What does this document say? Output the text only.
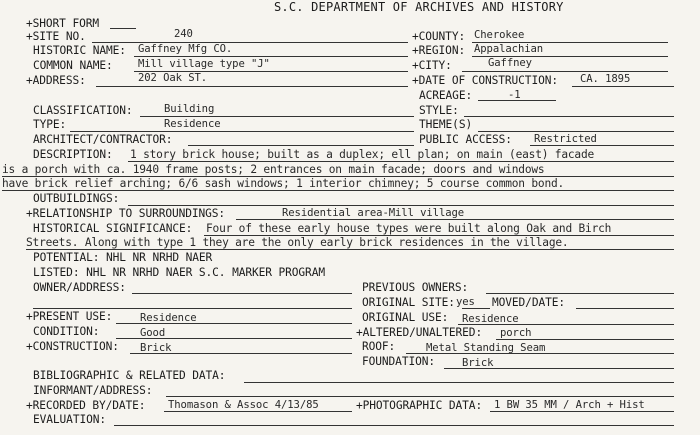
S.C. DEPARTMENT OF ARCHIVES AND HISTORY
+SHORT FORM
+SITE NO.	240	+COUNTY: Cherokee
HISTORIC NAME: Gaffney Mfg CO.	+REGION: Appalachian
COMMON NAME: Mill village type "J"	+CITY:	Gaffney
+ADDRESS:	202 Oak ST.	+DATE OF CONSTRUCTION: CA. 1895
ACREAGE:	-1
CLASSIFICATION:	Building	STYLE:
TYPE:	Residence	THEME(S)
ARCHITECT/CONTRACTOR:	PUBLIC ACCESS: Restricted
DESCRIPTION: 1 story brick house; built as a duplex; ell plan; on main (east) facade
is a porch with ca. 1940 frame posts; 2 entrances on main facade; doors and windows
have brick relief arching; 6/6 sash windows; 1 interior chimney; 5 course common bond.
OUTBUILDINGS:
+RELATIONSHIP TO SURROUNDINGS:	Residential area-Mill village
HISTORICAL SIGNIFICANCE: Four of these early house types were built along Oak and Birch
Streets. Along with type 1 they are the only early brick residences in the village.
POTENTIAL: NHL NR NRHD NAER
LISTED: NHL NR NRHD NAER S.C. MARKER PROGRAM
OWNER/ADDRESS:	PREVIOUS OWNERS:
ORIGINAL SITE: yes MOVED/DATE:
+PRESENT USE:	Residence	ORIGINAL USE: Residence
CONDITION:	Good	+ALTERED/UNALTERED: porch
+CONSTRUCTION: Brick	ROOF:	Metal Standing Seam
FOUNDATION:	Brick
BIBLIOGRAPHIC & RELATED DATA:
INFORMANT/ADDRESS:
+RECORDED BY/DATE: Thomason & Assoc 4/13/85	+PHOTOGRAPHIC DATA: 1 BW 35 MM / Arch + Hist
EVALUATION:
